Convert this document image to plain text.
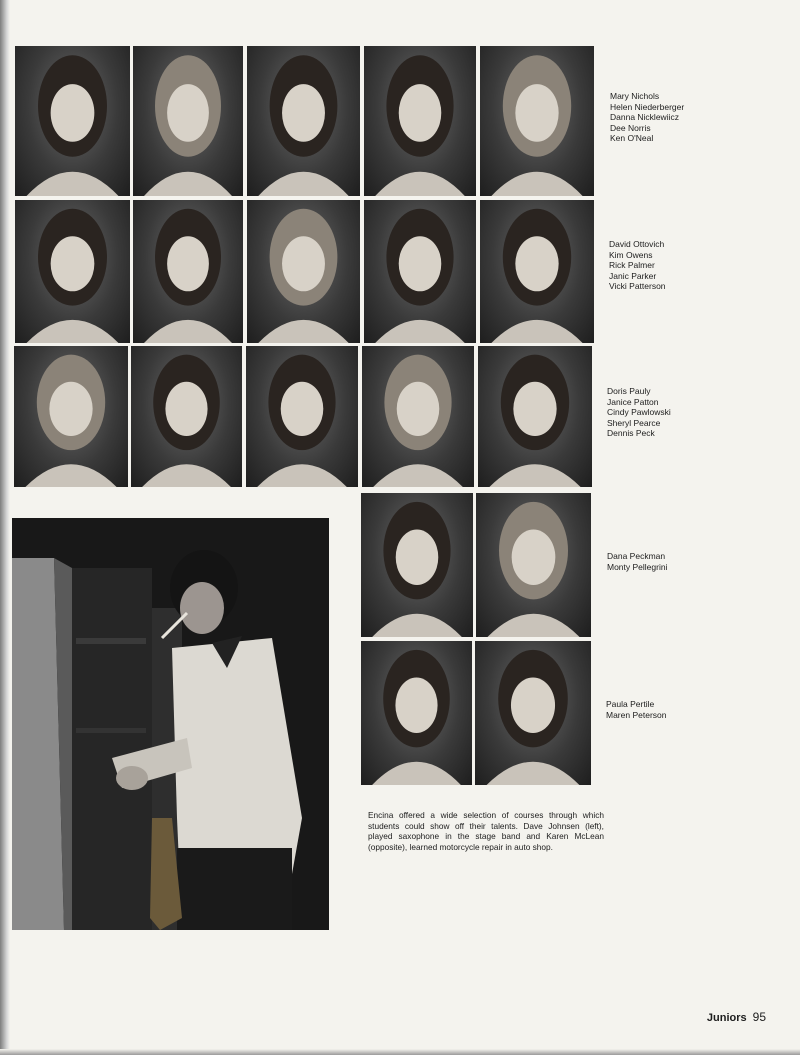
Mary Nichols
Helen Niederberger
Danna Nicklewiicz
Dee Norris
Ken O'Neal
David Ottovich
Kim Owens
Rick Palmer
Janic Parker
Vicki Patterson
Doris Pauly
Janice Patton
Cindy Pawlowski
Sheryl Pearce
Dennis Peck
Dana Peckman
Monty Pellegrini
Paula Pertile
Maren Peterson
Encina offered a wide selection of courses through which students could show off their talents. Dave Johnsen (left), played saxophone in the stage band and Karen McLean (opposite), learned motorcycle repair in auto shop.
Juniors 95
